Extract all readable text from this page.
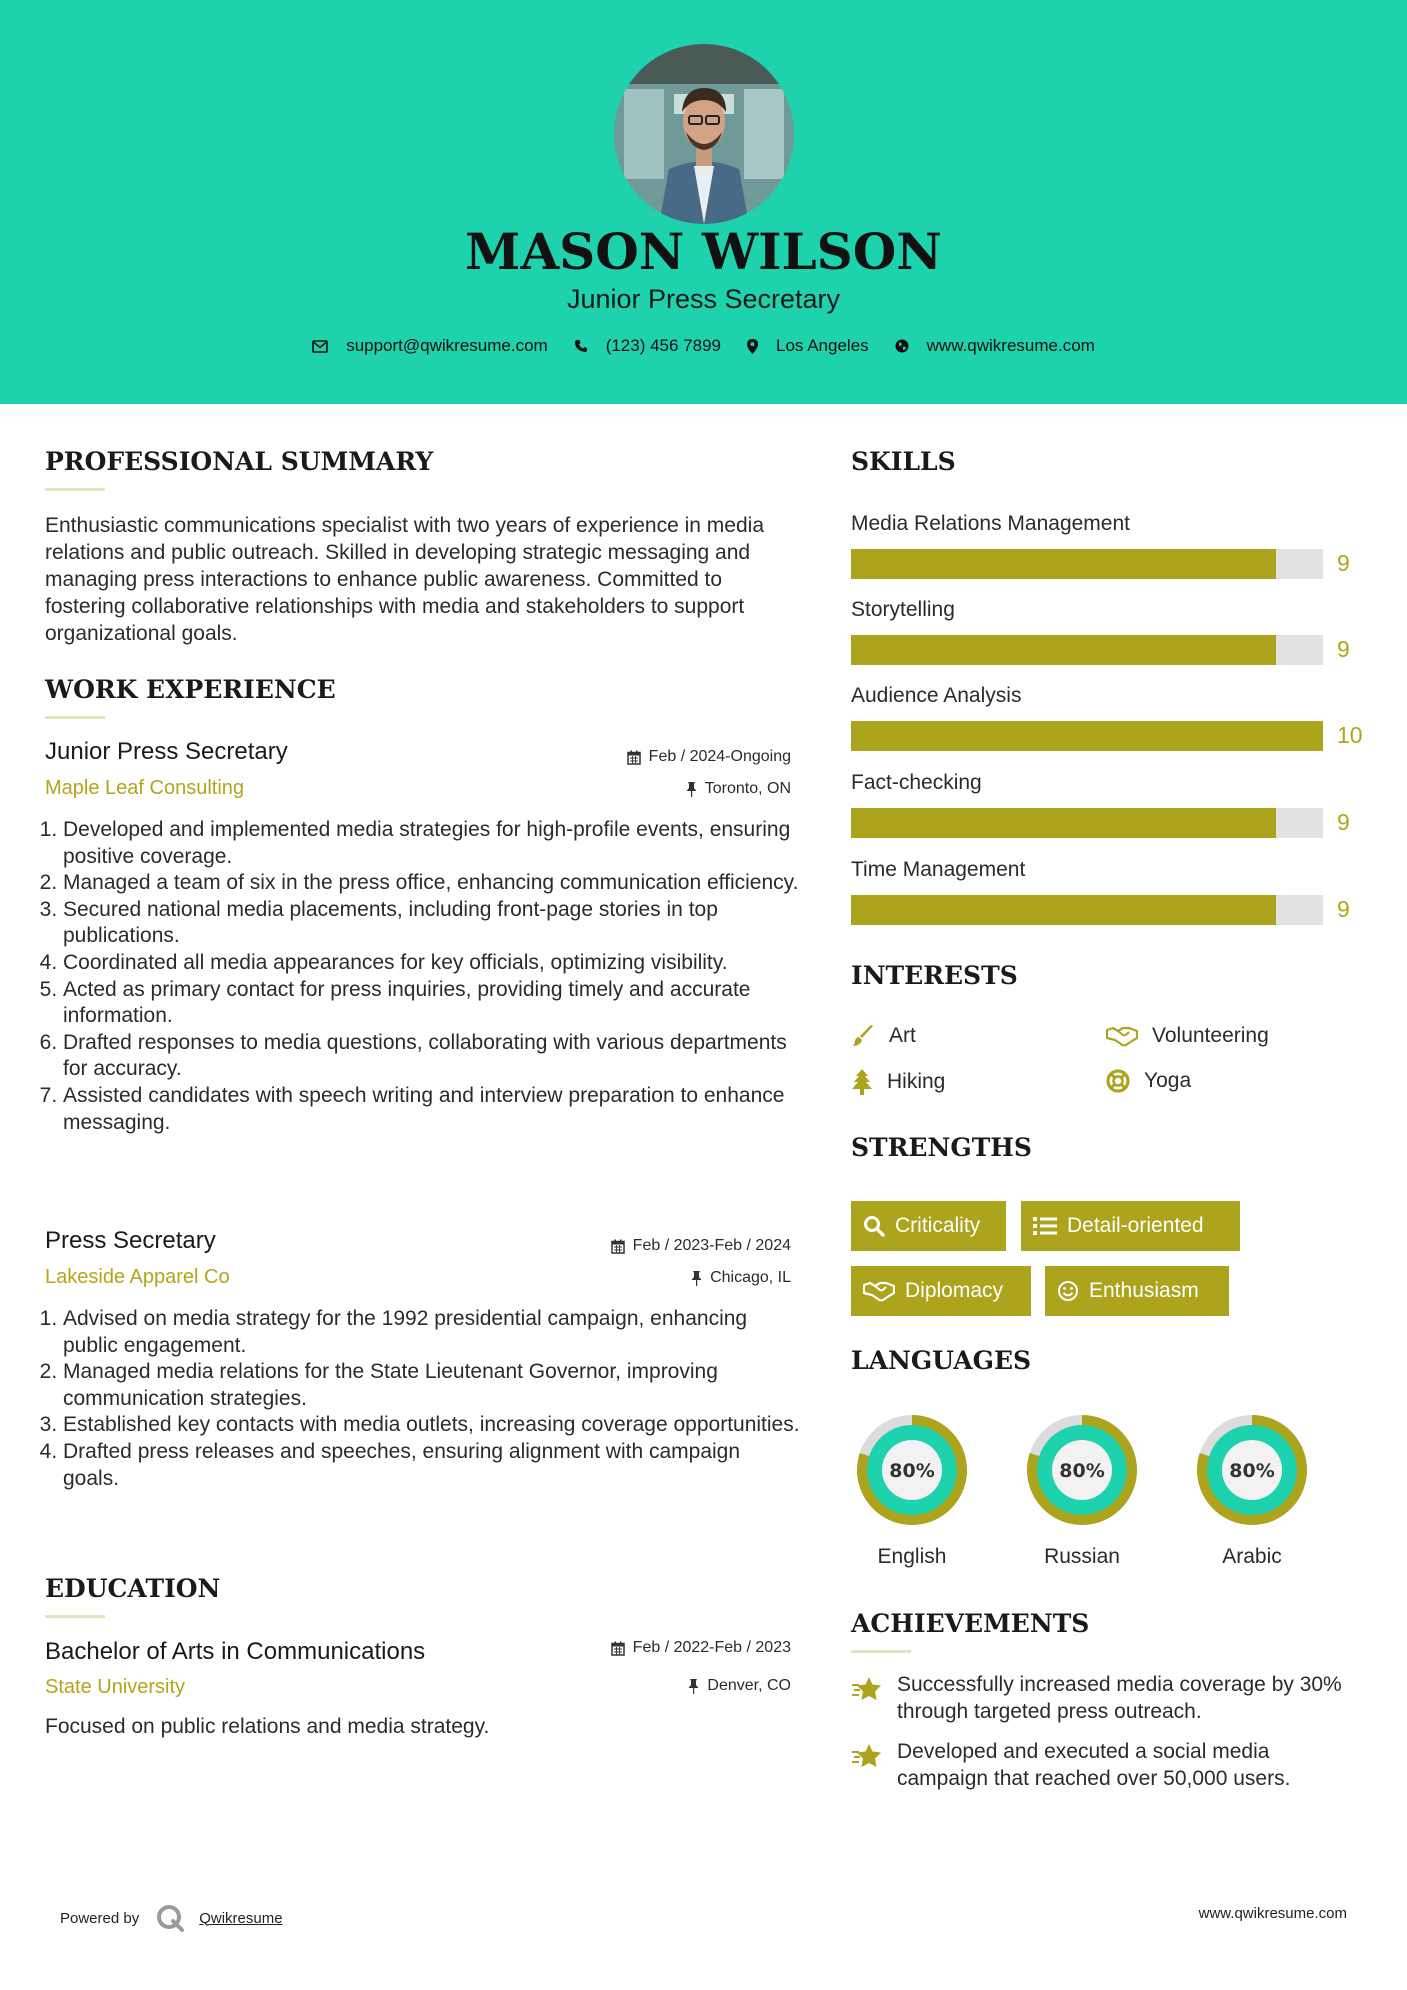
MASON WILSON
Junior Press Secretary
support@qwikresume.com	(123) 456 7899	Los Angeles	www.qwikresume.com
PROFESSIONAL SUMMARY
Enthusiastic communications specialist with two years of experience in media relations and public outreach. Skilled in developing strategic messaging and managing press interactions to enhance public awareness. Committed to fostering collaborative relationships with media and stakeholders to support organizational goals.
WORK EXPERIENCE
Junior Press Secretary	Feb / 2024-Ongoing
Maple Leaf Consulting	Toronto, ON
1. Developed and implemented media strategies for high-profile events, ensuring positive coverage.
2. Managed a team of six in the press office, enhancing communication efficiency.
3. Secured national media placements, including front-page stories in top publications.
4. Coordinated all media appearances for key officials, optimizing visibility.
5. Acted as primary contact for press inquiries, providing timely and accurate information.
6. Drafted responses to media questions, collaborating with various departments for accuracy.
7. Assisted candidates with speech writing and interview preparation to enhance messaging.
Press Secretary	Feb / 2023-Feb / 2024
Lakeside Apparel Co	Chicago, IL
1. Advised on media strategy for the 1992 presidential campaign, enhancing public engagement.
2. Managed media relations for the State Lieutenant Governor, improving communication strategies.
3. Established key contacts with media outlets, increasing coverage opportunities.
4. Drafted press releases and speeches, ensuring alignment with campaign goals.
EDUCATION
Bachelor of Arts in Communications	Feb / 2022-Feb / 2023
State University	Denver, CO
Focused on public relations and media strategy.
SKILLS
Media Relations Management
9
Storytelling
9
Audience Analysis
10
Fact-checking
9
Time Management
9
INTERESTS
Art	Volunteering
Hiking	Yoga
STRENGTHS
Criticality	Detail-oriented
Diplomacy	Enthusiasm
LANGUAGES
80%
English
80%
Russian
80%
Arabic
ACHIEVEMENTS
Successfully increased media coverage by 30% through targeted press outreach.
Developed and executed a social media campaign that reached over 50,000 users.
Powered by	Qwikresume	www.qwikresume.com
